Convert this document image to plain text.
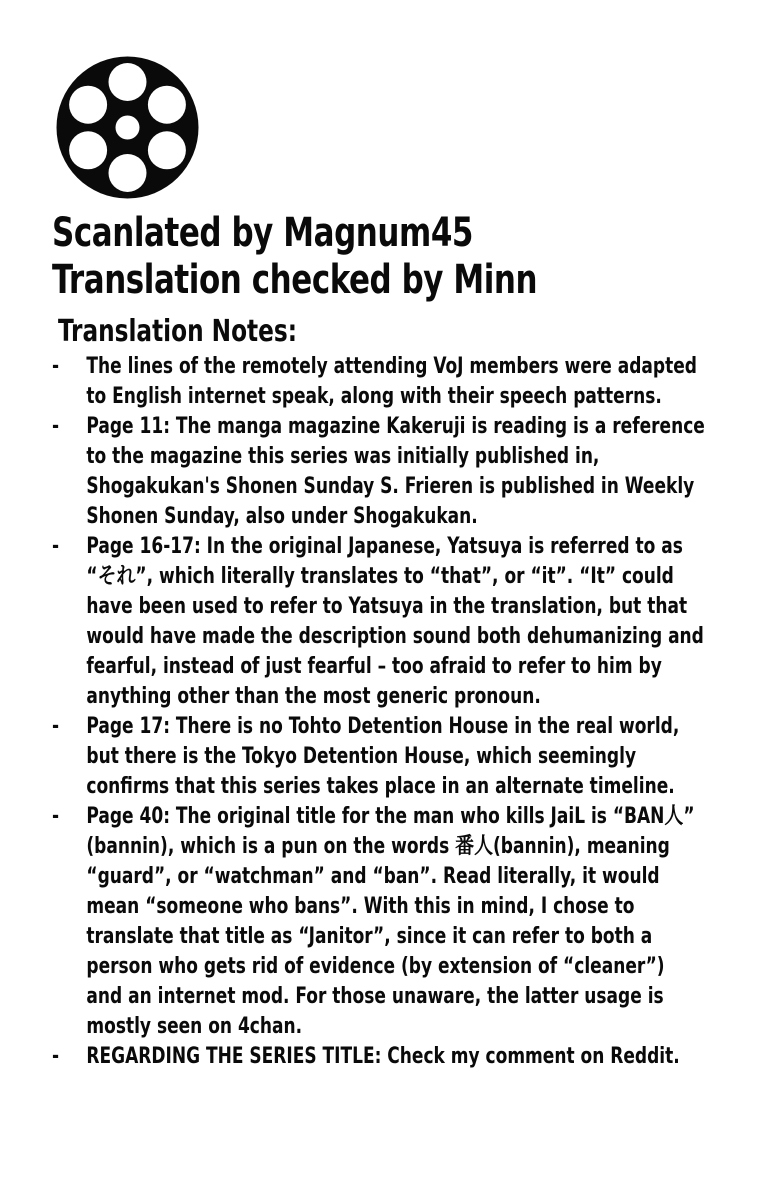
Scanlated by Magnum45
Translation checked by Minn
Translation Notes:
-	The lines of the remotely attending VoJ members were adapted to English internet speak, along with their speech patterns.
-	Page 11: The manga magazine Kakeruji is reading is a reference to the magazine this series was initially published in, Shogakukan's Shonen Sunday S. Frieren is published in Weekly Shonen Sunday, also under Shogakukan.
-	Page 16-17: In the original Japanese, Yatsuya is referred to as “それ”, which literally translates to “that”, or “it”. “It” could have been used to refer to Yatsuya in the translation, but that would have made the description sound both dehumanizing and fearful, instead of just fearful – too afraid to refer to him by anything other than the most generic pronoun.
-	Page 17: There is no Tohto Detention House in the real world, but there is the Tokyo Detention House, which seemingly confirms that this series takes place in an alternate timeline.
-	Page 40: The original title for the man who kills JaiL is “BAN人” (bannin), which is a pun on the words 番人(bannin), meaning “guard”, or “watchman” and “ban”. Read literally, it would mean “someone who bans”. With this in mind, I chose to translate that title as “Janitor”, since it can refer to both a person who gets rid of evidence (by extension of “cleaner”) and an internet mod. For those unaware, the latter usage is mostly seen on 4chan.
-	REGARDING THE SERIES TITLE: Check my comment on Reddit.
